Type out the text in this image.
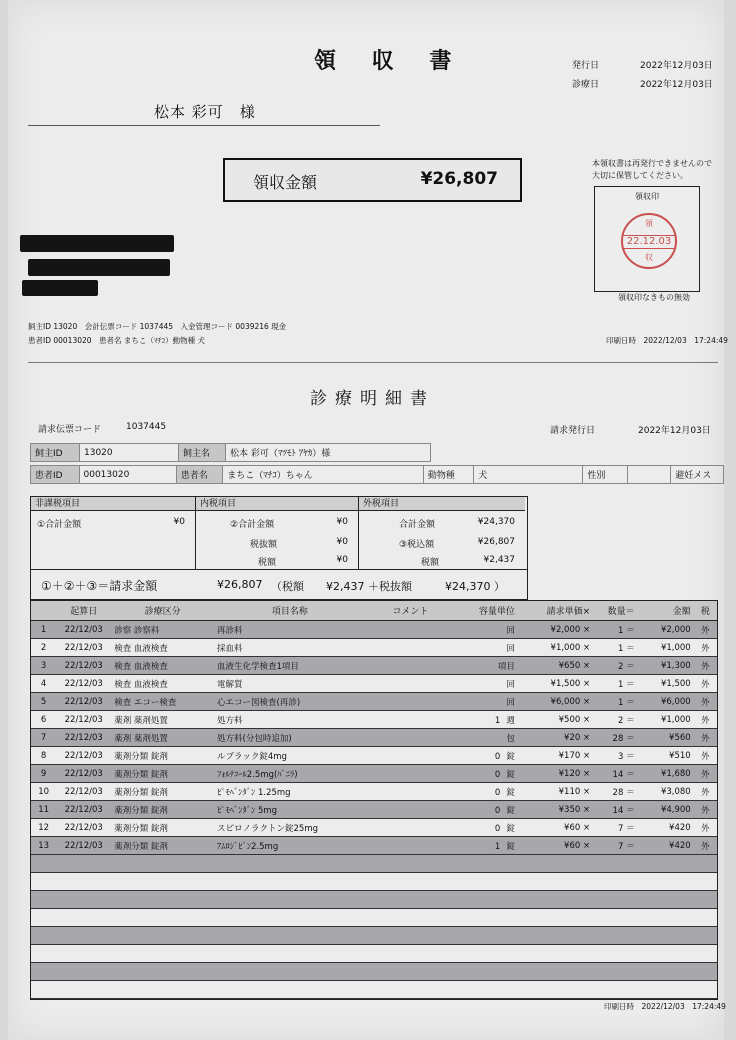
領 収 書	発行日	2022年12月03日
診療日	2022年12月03日
松本 彩可　様
領収金額	¥26,807
本領収書は再発行できませんので
大切に保管してください。
領収印
領
22.12.03
収
領収印なきもの無効
飼主ID 13020　会計伝票コード 1037445　入金管理コード 0039216 現金
患者ID 00013020　患者名 まちこ（ﾏﾁｺ）動物種 犬	印刷日時　 2022/12/03　17:24:49
診療明細書
請求伝票コード	1037445	請求発行日	2022年12月03日
飼主ID	13020	飼主名	松本 彩可（ﾏﾂﾓﾄ ｱﾔｶ）様
患者ID	00013020	患者名	まちこ（ﾏﾁｺ）ちゃん	動物種	犬	性別		避妊メス
非課税項目
①合計金額	¥0
内税項目
②合計金額	¥0
税抜額	¥0
税額	¥0
外税項目
合計金額	¥24,370
③税込額	¥26,807
税額	¥2,437
①＋②＋③＝請求金額	¥26,807 （税額　　¥2,437 ＋税抜額　　　¥24,370 ）
	起算日	診療区分	項目名称	コメント	容量単位	請求単価×	数量＝	金額	税
1	22/12/03	診察 診察料	再診料		回	¥2,000 ×	1 ＝	¥2,000	外
2	22/12/03	検査 血液検査	採血料		回	¥1,000 ×	1 ＝	¥1,000	外
3	22/12/03	検査 血液検査	血液生化学検査1項目		項目	¥650 ×	2 ＝	¥1,300	外
4	22/12/03	検査 血液検査	電解質		回	¥1,500 ×	1 ＝	¥1,500	外
5	22/12/03	検査 エコー検査	心エコー図検査(再診)		回	¥6,000 ×	1 ＝	¥6,000	外
6	22/12/03	薬剤 薬剤処置	処方料		1 週	¥500 ×	2 ＝	¥1,000	外
7	22/12/03	薬剤 薬剤処置	処方料(分包時追加)		包	¥20 ×	28 ＝	¥560	外
8	22/12/03	薬剤分類 錠剤	ルブラック錠4mg		0 錠	¥170 ×	3 ＝	¥510	外
9	22/12/03	薬剤分類 錠剤	ﾌｫﾙﾃｺｰﾙ2.5mg(ﾊﾞﾆﾗ)		0 錠	¥120 ×	14 ＝	¥1,680	外
10	22/12/03	薬剤分類 錠剤	ﾋﾟﾓﾍﾞﾝﾀﾞﾝ 1.25mg		0 錠	¥110 ×	28 ＝	¥3,080	外
11	22/12/03	薬剤分類 錠剤	ﾋﾟﾓﾍﾞﾝﾀﾞﾝ 5mg		0 錠	¥350 ×	14 ＝	¥4,900	外
12	22/12/03	薬剤分類 錠剤	スピロノラクトン錠25mg		0 錠	¥60 ×	7 ＝	¥420	外
13	22/12/03	薬剤分類 錠剤	ｱﾑﾛｼﾞﾋﾟﾝ2.5mg		1 錠	¥60 ×	7 ＝	¥420	外

印刷日時　 2022/12/03　17:24:49
